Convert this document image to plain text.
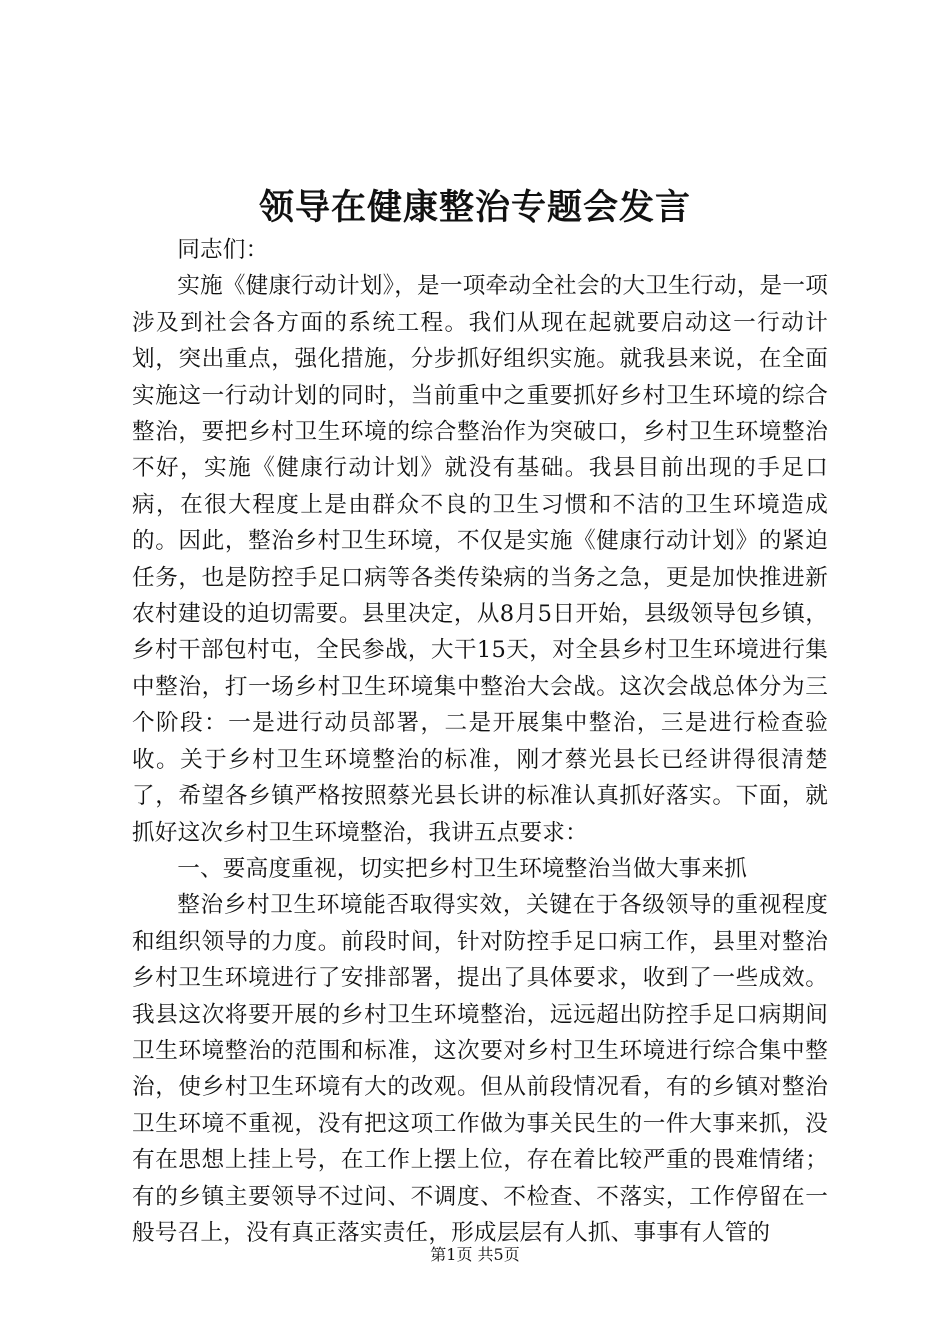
领导在健康整治专题会发言

同志们：

实施《健康行动计划》，是一项牵动全社会的大卫生行动，是一项涉及到社会各方面的系统工程。我们从现在起就要启动这一行动计划，突出重点，强化措施，分步抓好组织实施。就我县来说，在全面实施这一行动计划的同时，当前重中之重要抓好乡村卫生环境的综合整治，要把乡村卫生环境的综合整治作为突破口，乡村卫生环境整治不好，实施《健康行动计划》就没有基础。我县目前出现的手足口病，在很大程度上是由群众不良的卫生习惯和不洁的卫生环境造成的。因此，整治乡村卫生环境，不仅是实施《健康行动计划》的紧迫任务，也是防控手足口病等各类传染病的当务之急，更是加快推进新农村建设的迫切需要。县里决定，从8月5日开始，县级领导包乡镇，乡村干部包村屯，全民参战，大干15天，对全县乡村卫生环境进行集中整治，打一场乡村卫生环境集中整治大会战。这次会战总体分为三个阶段：一是进行动员部署，二是开展集中整治，三是进行检查验收。关于乡村卫生环境整治的标准，刚才蔡光县长已经讲得很清楚了，希望各乡镇严格按照蔡光县长讲的标准认真抓好落实。下面，就抓好这次乡村卫生环境整治，我讲五点要求：

一、要高度重视，切实把乡村卫生环境整治当做大事来抓

整治乡村卫生环境能否取得实效，关键在于各级领导的重视程度和组织领导的力度。前段时间，针对防控手足口病工作，县里对整治乡村卫生环境进行了安排部署，提出了具体要求，收到了一些成效。我县这次将要开展的乡村卫生环境整治，远远超出防控手足口病期间卫生环境整治的范围和标准，这次要对乡村卫生环境进行综合集中整治，使乡村卫生环境有大的改观。但从前段情况看，有的乡镇对整治卫生环境不重视，没有把这项工作做为事关民生的一件大事来抓，没有在思想上挂上号，在工作上摆上位，存在着比较严重的畏难情绪；有的乡镇主要领导不过问、不调度、不检查、不落实，工作停留在一般号召上，没有真正落实责任，形成层层有人抓、事事有人管的

第1页 共5页
